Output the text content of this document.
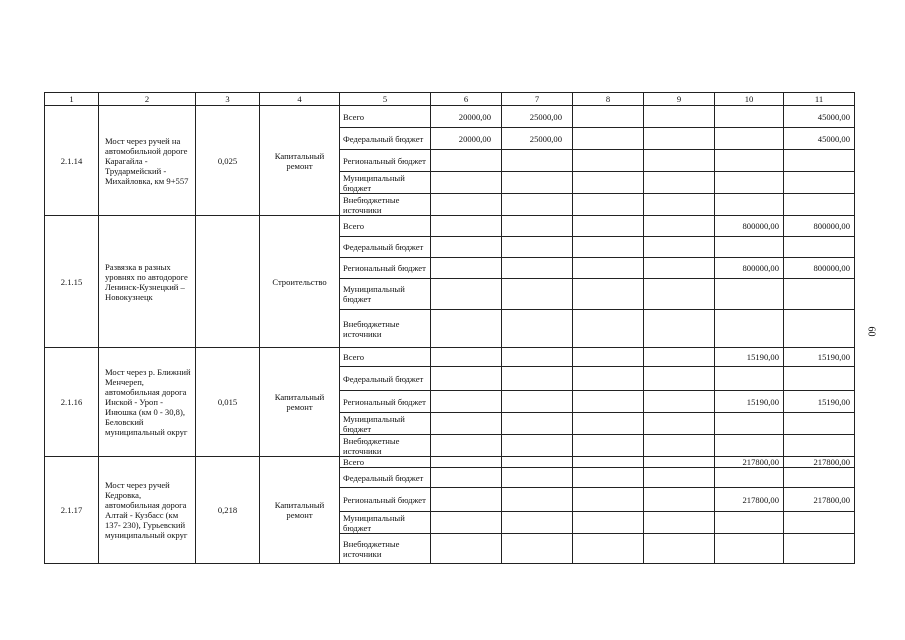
1	2	3	4	5	6	7	8	9	10	11
2.1.14	Мост через ручей на автомобильной дороге Карагайла - Трудармейский - Михайловка, км 9+557	0,025	Капитальный ремонт	Всего	20000,00	25000,00				45000,00
				Федеральный бюджет	20000,00	25000,00				45000,00
				Региональный бюджет						
				Муниципальный бюджет						
				Внебюджетные источники						
2.1.15	Развязка в разных уровнях по автодороге Ленинск-Кузнецкий – Новокузнецк		Строительство	Всего					800000,00	800000,00
				Федеральный бюджет						
				Региональный бюджет					800000,00	800000,00
				Муниципальный бюджет						
				Внебюджетные источники						
2.1.16	Мост через р. Ближний Менчереп, автомобильная дорога Инской - Уроп - Инюшка (км 0 - 30,8), Беловский муниципальный округ	0,015	Капитальный ремонт	Всего					15190,00	15190,00
				Федеральный бюджет						
				Региональный бюджет					15190,00	15190,00
				Муниципальный бюджет						
				Внебюджетные источники						
2.1.17	Мост через ручей Кедровка, автомобильная дорога Алтай - Кузбасс (км 137- 230), Гурьевский муниципальный округ	0,218	Капитальный ремонт	Всего					217800,00	217800,00
				Федеральный бюджет						
				Региональный бюджет					217800,00	217800,00
				Муниципальный бюджет						
				Внебюджетные источники						
60
